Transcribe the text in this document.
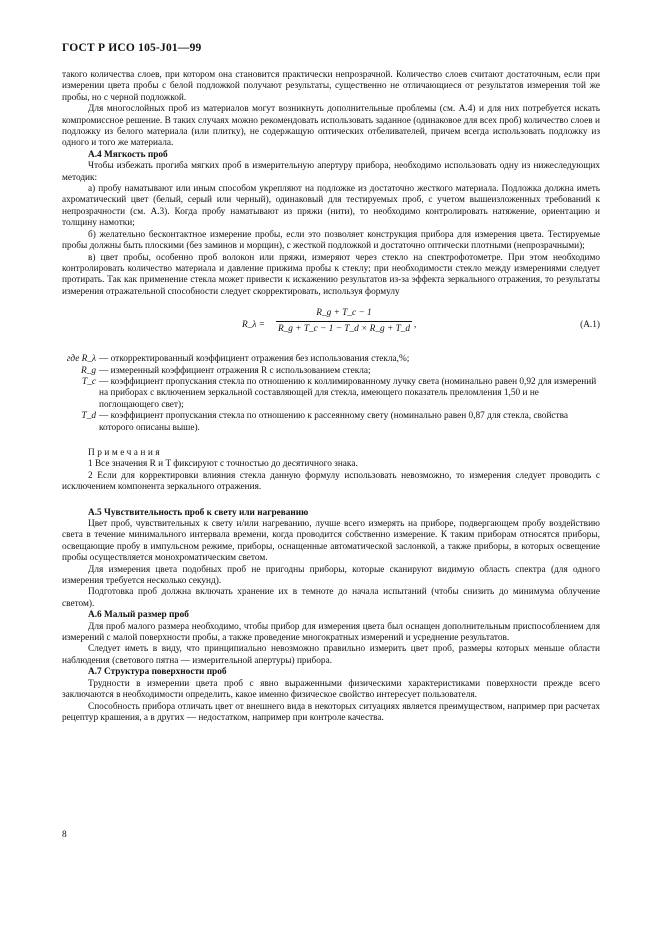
ГОСТ Р ИСО 105-J01—99

такого количества слоев, при котором она становится практически непрозрачной. Количество слоев считают достаточным, если при измерении цвета пробы с белой подложкой получают результаты, существенно не отличающиеся от результатов измерения той же пробы, но с черной подложкой.

Для многослойных проб из материалов могут возникнуть дополнительные проблемы (см. А.4) и для них потребуется искать компромиссное решение. В таких случаях можно рекомендовать использовать заданное (одинаковое для всех проб) количество слоев и подложку из белого материала (или плитку), не содержащую оптических отбеливателей, причем всегда использовать подложку из одного и того же материала.

А.4 Мягкость проб

Чтобы избежать прогиба мягких проб в измерительную апертуру прибора, необходимо использовать одну из нижеследующих методик:

а) пробу наматывают или иным способом укрепляют на подложке из достаточно жесткого материала. Подложка должна иметь ахроматический цвет (белый, серый или черный), одинаковый для тестируемых проб, с учетом вышеизложенных требований к непрозрачности (см. А.3). Когда пробу наматывают из пряжи (нити), то необходимо контролировать натяжение, ориентацию и толщину намотки;

б) желательно бесконтактное измерение пробы, если это позволяет конструкция прибора для измерения цвета. Тестируемые пробы должны быть плоскими (без заминов и морщин), с жесткой подложкой и достаточно оптически плотными (непрозрачными);

в) цвет пробы, особенно проб волокон или пряжи, измеряют через стекло на спектрофотометре. При этом необходимо контролировать количество материала и давление прижима пробы к стеклу; при необходимости стекло между измерениями следует протирать. Так как применение стекла может привести к искажению результатов из-за эффекта зеркального отражения, то результаты измерения отражательной способности следует скорректировать, используя формулу

R_λ = $\frac{R\_g + T\_c - 1}{R\_g + T\_c - 1 - T\_d \times R\_g + T\_d}$ ,	(А.1)
где R_λ — откорректированный коэффициент отражения без использования стекла,%;
R_g — измеренный коэффициент отражения R с использованием стекла;
T_c — коэффициент пропускания стекла по отношению к коллимированному лучку света (номинально равен 0,92 для измерений на приборах с включением зеркальной составляющей для стекла, имеющего показатель преломления 1,50 и не поглощающего свет);
T_d — коэффициент пропускания стекла по отношению к рассеянному свету (номинально равен 0,87 для стекла, свойства которого описаны выше).
Примечания

1 Все значения R и T фиксируют с точностью до десятичного знака.

2 Если для корректировки влияния стекла данную формулу использовать невозможно, то измерения следует проводить с исключением компонента зеркального отражения.

А.5 Чувствительность проб к свету или нагреванию

Цвет проб, чувствительных к свету и/или нагреванию, лучше всего измерять на приборе, подвергающем пробу воздействию света в течение минимального интервала времени, когда проводится собственно измерение. К таким приборам относятся приборы, освещающие пробу в импульсном режиме, приборы, оснащенные автоматической заслонкой, а также приборы, в которых освещение пробы осуществляется монохроматическим светом.

Для измерения цвета подобных проб не пригодны приборы, которые сканируют видимую область спектра (для одного измерения требуется несколько секунд).

Подготовка проб должна включать хранение их в темноте до начала испытаний (чтобы снизить до минимума облучение светом).

А.6 Малый размер проб

Для проб малого размера необходимо, чтобы прибор для измерения цвета был оснащен дополнительным приспособлением для измерений с малой поверхности пробы, а также проведение многократных измерений и усреднение результатов.

Следует иметь в виду, что принципиально невозможно правильно измерить цвет проб, размеры которых меньше области наблюдения (светового пятна — измерительной апертуры) прибора.

А.7 Структура поверхности проб

Трудности в измерении цвета проб с явно выраженными физическими характеристиками поверхности прежде всего заключаются в необходимости определить, какое именно физическое свойство интересует пользователя.

Способность прибора отличать цвет от внешнего вида в некоторых ситуациях является преимуществом, например при расчетах рецептур крашения, а в других — недостатком, например при контроле качества.

8
